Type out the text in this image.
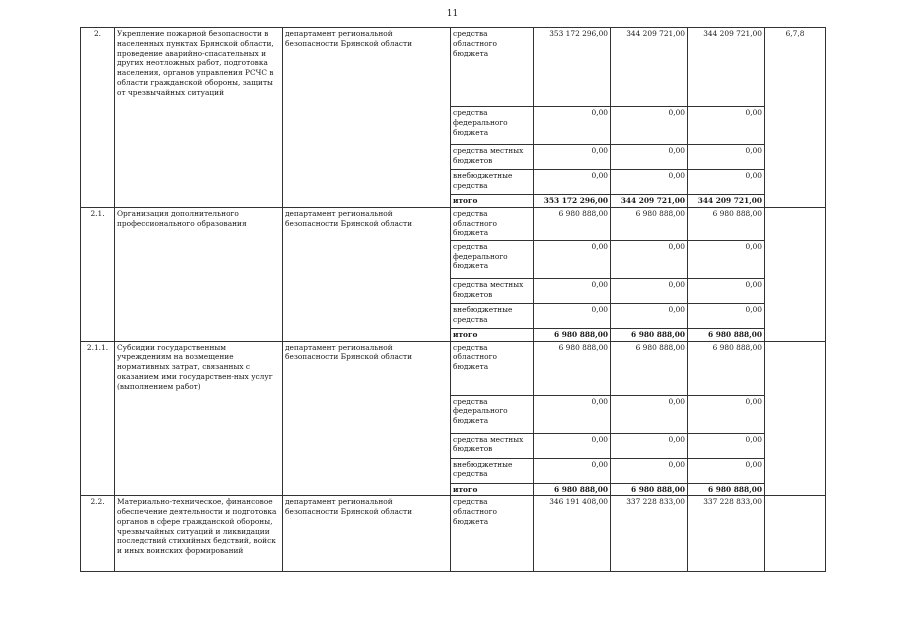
11
2.	Укрепление пожарной безопасности в населенных пунктах Брянской области, проведение аварийно-спасательных и других неотложных работ, подготовка населения, органов управления РСЧС в области гражданской обороны, защиты от чрезвычайных ситуаций	департамент региональной безопасности Брянской области	средства областного бюджета	353 172 296,00	344 209 721,00	344 209 721,00	6,7,8
			средства федерального бюджета	0,00	0,00	0,00	
			средства местных бюджетов	0,00	0,00	0,00	
			внебюджетные средства	0,00	0,00	0,00	
			итого	353 172 296,00	344 209 721,00	344 209 721,00	
2.1.	Организация дополнительного профессионального образования	департамент региональной безопасности Брянской области	средства областного бюджета	6 980 888,00	6 980 888,00	6 980 888,00	
			средства федерального бюджета	0,00	0,00	0,00	
			средства местных бюджетов	0,00	0,00	0,00	
			внебюджетные средства	0,00	0,00	0,00	
			итого	6 980 888,00	6 980 888,00	6 980 888,00	
2.1.1.	Субсидии государственным учреждениям на возмещение нормативных затрат, связанных с оказанием ими государствен-ных услуг (выполнением работ)	департамент региональной безопасности Брянской области	средства областного бюджета	6 980 888,00	6 980 888,00	6 980 888,00	
			средства федерального бюджета	0,00	0,00	0,00	
			средства местных бюджетов	0,00	0,00	0,00	
			внебюджетные средства	0,00	0,00	0,00	
			итого	6 980 888,00	6 980 888,00	6 980 888,00	
2.2.	Материально-техническое, финансовое обеспечение деятельности и подготовка органов в сфере гражданской обороны, чрезвычайных ситуаций и ликвидации последствий стихийных бедствий, войск и иных воинских формирований	департамент региональной безопасности Брянской области	средства областного бюджета	346 191 408,00	337 228 833,00	337 228 833,00	
